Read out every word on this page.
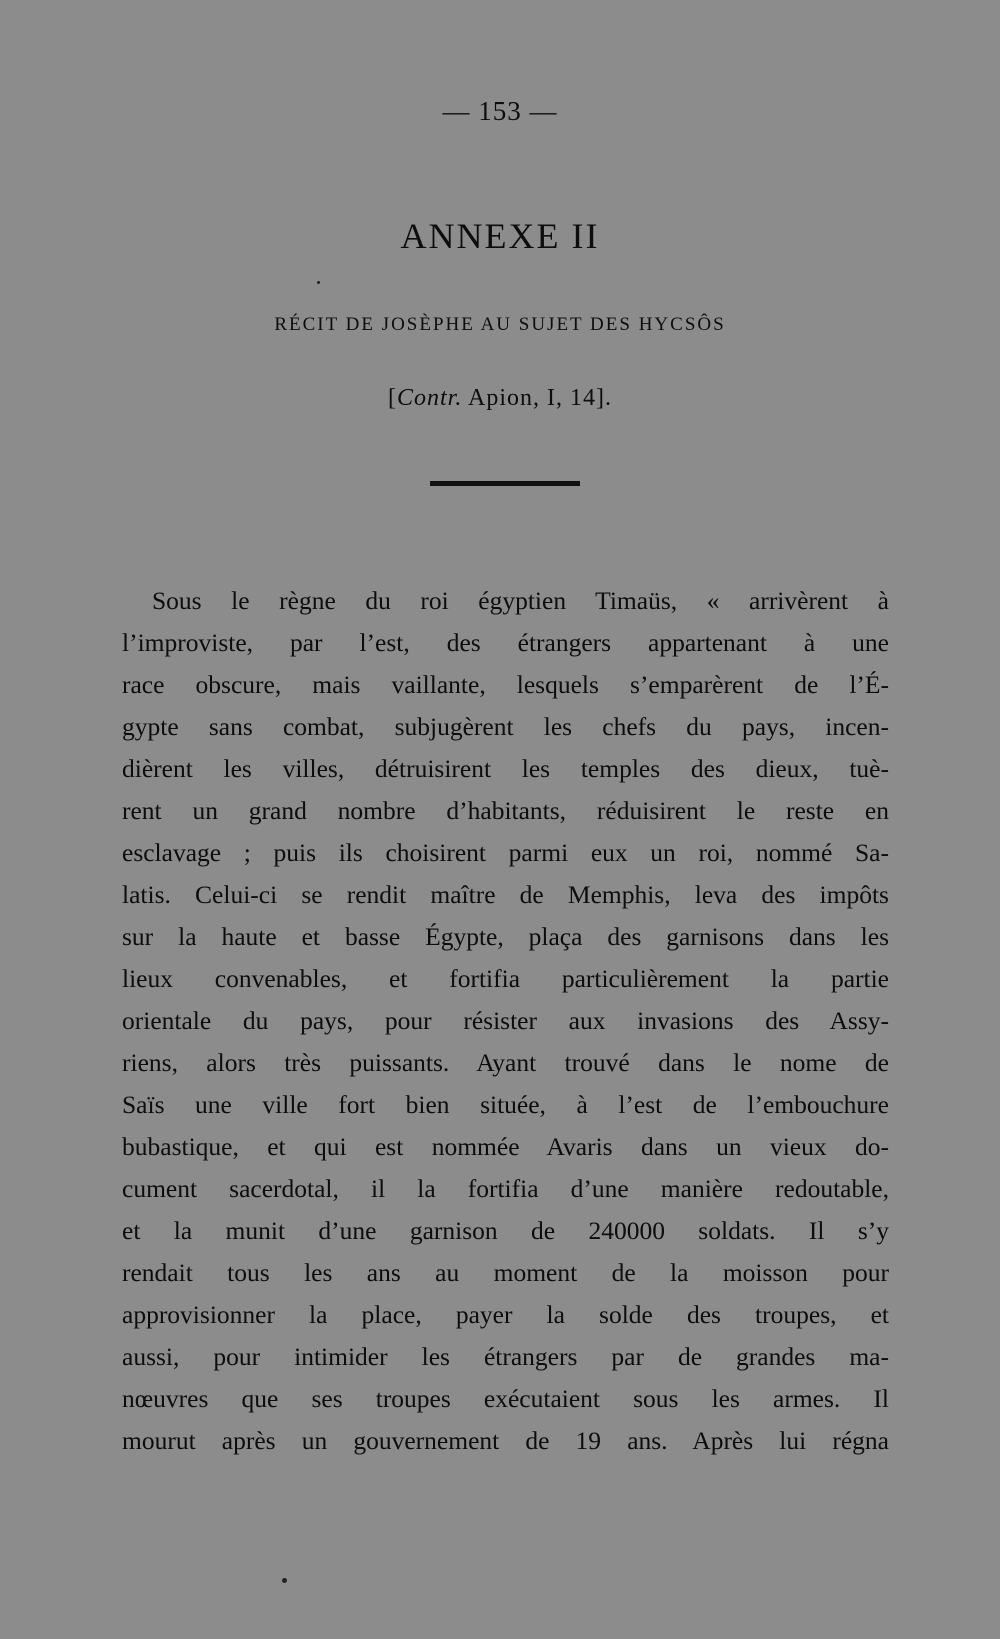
— 153 —
ANNEXE II
RÉCIT DE JOSÈPHE AU SUJET DES HYCSÔS
[Contr. Apion, I, 14].
Sous le règne du roi égyptien Timaüs, « arrivèrent à
l’improviste, par l’est, des étrangers appartenant à une
race obscure, mais vaillante, lesquels s’emparèrent de l’É-
gypte sans combat, subjugèrent les chefs du pays, incen-
dièrent les villes, détruisirent les temples des dieux, tuè-
rent un grand nombre d’habitants, réduisirent le reste en
esclavage ; puis ils choisirent parmi eux un roi, nommé Sa-
latis. Celui-ci se rendit maître de Memphis, leva des impôts
sur la haute et basse Égypte, plaça des garnisons dans les
lieux convenables, et fortifia particulièrement la partie
orientale du pays, pour résister aux invasions des Assy-
riens, alors très puissants. Ayant trouvé dans le nome de
Saïs une ville fort bien située, à l’est de l’embouchure
bubastique, et qui est nommée Avaris dans un vieux do-
cument sacerdotal, il la fortifia d’une manière redoutable,
et la munit d’une garnison de 240000 soldats. Il s’y
rendait tous les ans au moment de la moisson pour
approvisionner la place, payer la solde des troupes, et
aussi, pour intimider les étrangers par de grandes ma-
nœuvres que ses troupes exécutaient sous les armes. Il
mourut après un gouvernement de 19 ans. Après lui régna
